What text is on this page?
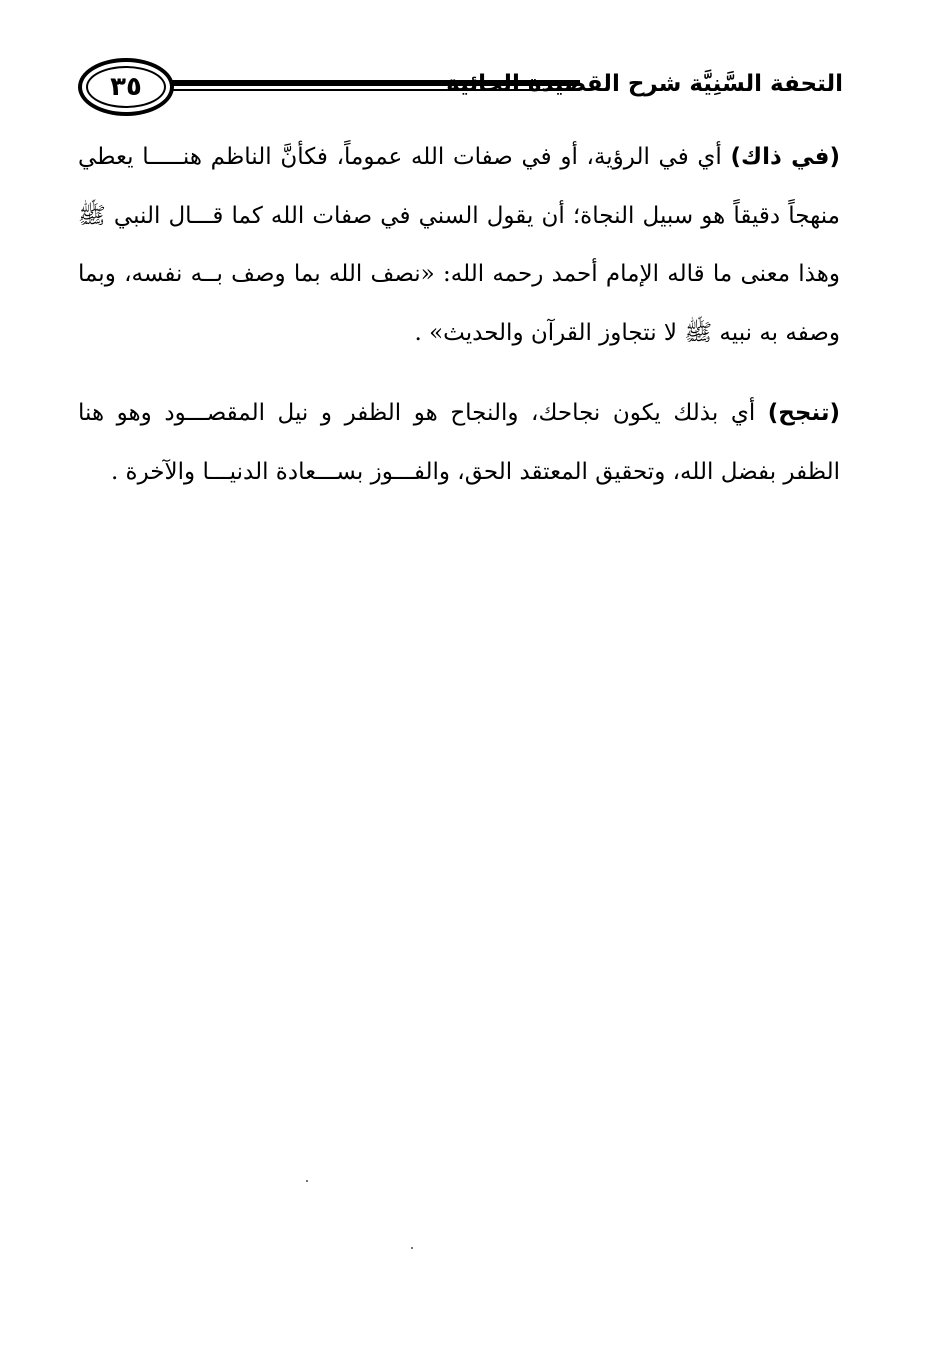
٣٥	التحفة السَّنِيَّة شرح القصيدة الحائية

(في ذاك) أي في الرؤية، أو في صفات الله عموماً، فكأنَّ الناظم هنـــــا يعطي منهجاً دقيقاً هو سبيل النجاة؛ أن يقول السني في صفات الله كما قـــال النبي ﷺ وهذا معنى ما قاله الإمام أحمد رحمه الله: «نصف الله بما وصف بــه نفسه، وبما وصفه به نبيه ﷺ لا نتجاوز القرآن والحديث» .

(تنجح) أي بذلك يكون نجاحك، والنجاح هو الظفر و نيل المقصـــود وهو هنا الظفر بفضل الله، وتحقيق المعتقد الحق، والفـــوز بســـعادة الدنيـــا والآخرة .
